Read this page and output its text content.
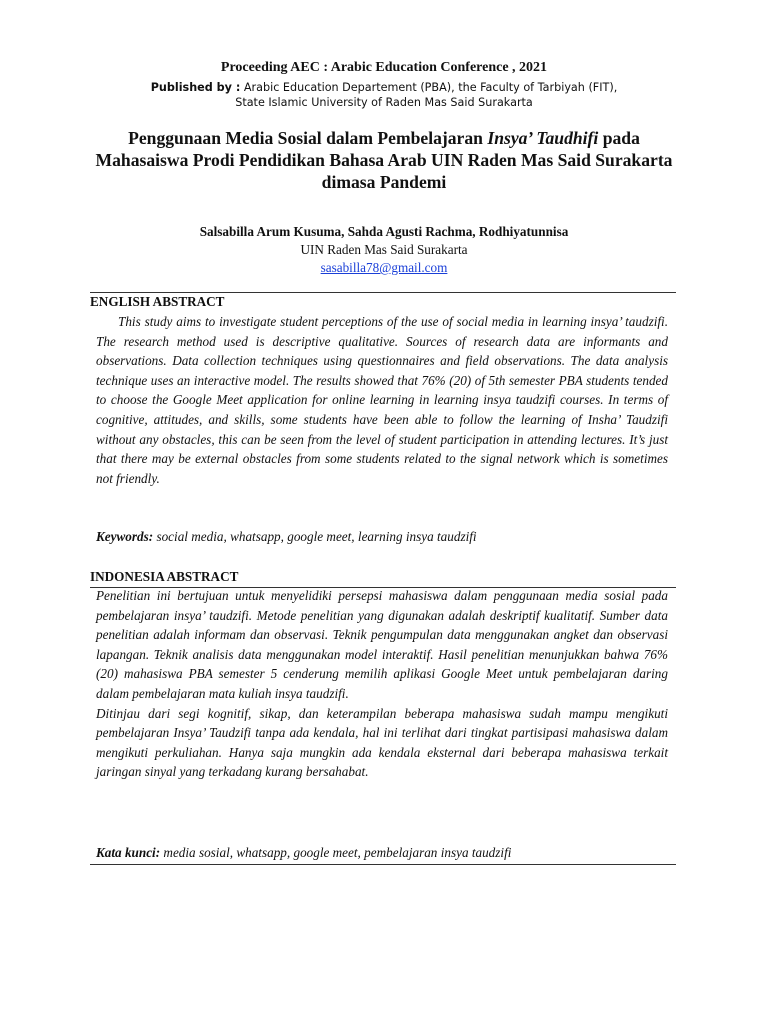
Proceeding AEC : Arabic Education Conference , 2021
Published by : Arabic Education Departement (PBA), the Faculty of Tarbiyah (FIT),
State Islamic University of Raden Mas Said Surakarta
Penggunaan Media Sosial dalam Pembelajaran Insya’ Taudhifi pada Mahasaiswa Prodi Pendidikan Bahasa Arab UIN Raden Mas Said Surakarta dimasa Pandemi
Salsabilla Arum Kusuma, Sahda Agusti Rachma, Rodhiyatunnisa
UIN Raden Mas Said Surakarta
sasabilla78@gmail.com
ENGLISH ABSTRACT

This study aims to investigate student perceptions of the use of social media in learning insya’ taudzifi. The research method used is descriptive qualitative. Sources of research data are informants and observations. Data collection techniques using questionnaires and field observations. The data analysis technique uses an interactive model. The results showed that 76% (20) of 5th semester PBA students tended to choose the Google Meet application for online learning in learning insya taudzifi courses. In terms of cognitive, attitudes, and skills, some students have been able to follow the learning of Insha’ Taudzifi without any obstacles, this can be seen from the level of student participation in attending lectures. It’s just that there may be external obstacles from some students related to the signal network which is sometimes not friendly.

Keywords: social media, whatsapp, google meet, learning insya taudzifi
INDONESIA ABSTRACT
Penelitian ini bertujuan untuk menyelidiki persepsi mahasiswa dalam penggunaan media sosial pada pembelajaran insya’ taudzifi. Metode penelitian yang digunakan adalah deskriptif kualitatif. Sumber data penelitian adalah informam dan observasi. Teknik pengumpulan data menggunakan angket dan observasi lapangan. Teknik analisis data menggunakan model interaktif. Hasil penelitian menunjukkan bahwa 76% (20) mahasiswa PBA semester 5 cenderung memilih aplikasi Google Meet untuk pembelajaran daring dalam pembelajaran mata kuliah insya taudzifi.
Ditinjau dari segi kognitif, sikap, dan keterampilan beberapa mahasiswa sudah mampu mengikuti pembelajaran Insya’ Taudzifi tanpa ada kendala, hal ini terlihat dari tingkat partisipasi mahasiswa dalam mengikuti perkuliahan. Hanya saja mungkin ada kendala eksternal dari beberapa mahasiswa terkait jaringan sinyal yang terkadang kurang bersahabat.
Kata kunci: media sosial, whatsapp, google meet, pembelajaran insya taudzifi
